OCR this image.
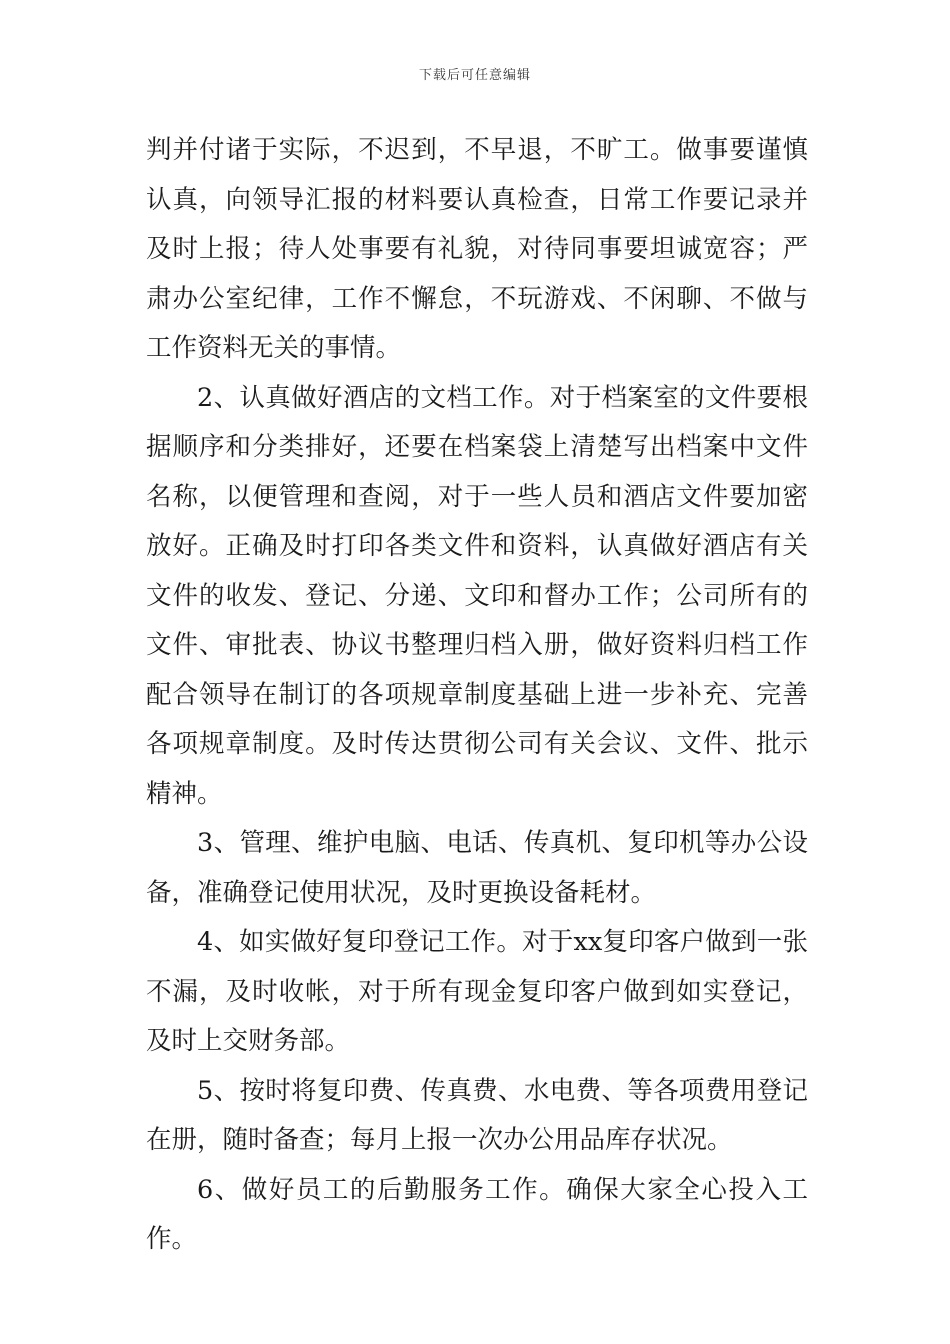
下载后可任意编辑

判并付诸于实际，不迟到，不早退，不旷工。做事要谨慎认真，向领导汇报的材料要认真检查，日常工作要记录并及时上报；待人处事要有礼貌，对待同事要坦诚宽容；严肃办公室纪律，工作不懈怠，不玩游戏、不闲聊、不做与工作资料无关的事情。

2、认真做好酒店的文档工作。对于档案室的文件要根据顺序和分类排好，还要在档案袋上清楚写出档案中文件名称，以便管理和查阅，对于一些人员和酒店文件要加密放好。正确及时打印各类文件和资料，认真做好酒店有关文件的收发、登记、分递、文印和督办工作；公司所有的文件、审批表、协议书整理归档入册，做好资料归档工作配合领导在制订的各项规章制度基础上进一步补充、完善各项规章制度。及时传达贯彻公司有关会议、文件、批示精神。

3、管理、维护电脑、电话、传真机、复印机等办公设备，准确登记使用状况，及时更换设备耗材。

4、如实做好复印登记工作。对于xx复印客户做到一张不漏，及时收帐，对于所有现金复印客户做到如实登记，及时上交财务部。

5、按时将复印费、传真费、水电费、等各项费用登记在册，随时备查；每月上报一次办公用品库存状况。

6、做好员工的后勤服务工作。确保大家全心投入工作。
